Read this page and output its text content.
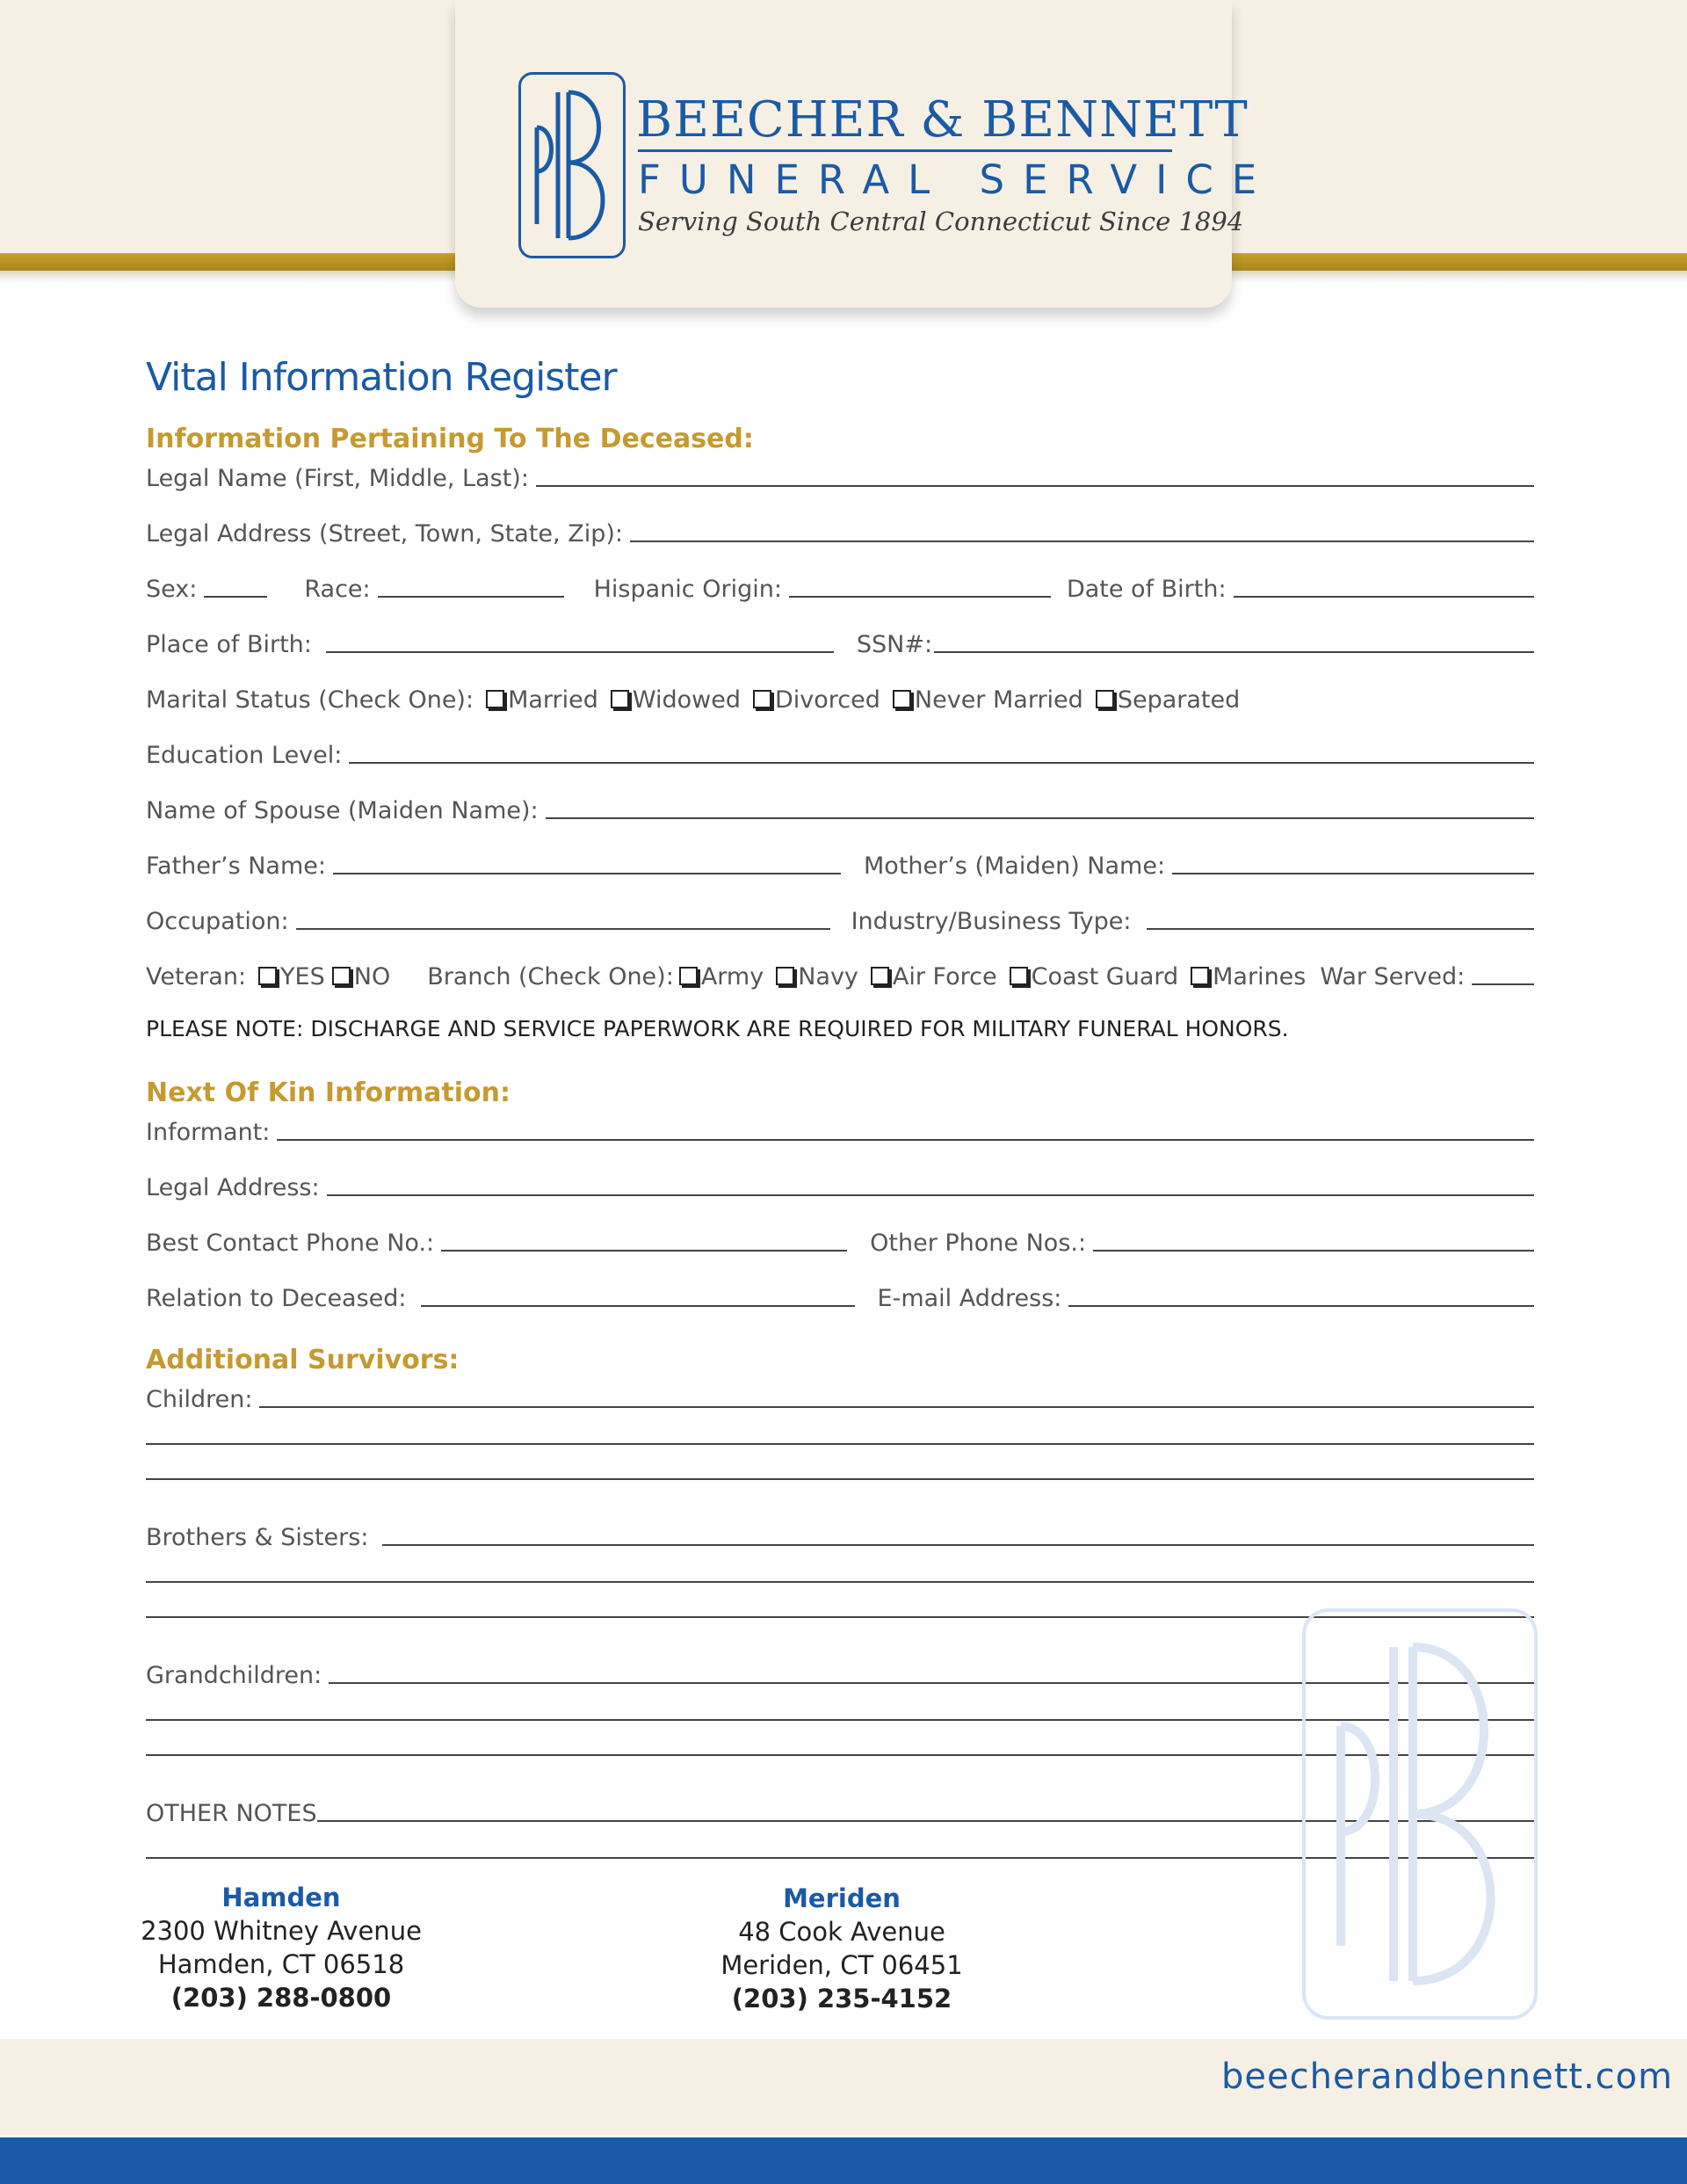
BEECHER & BENNETT
FUNERAL SERVICE
Serving South Central Connecticut Since 1894
Vital Information Register
Information Pertaining To The Deceased:
Legal Name (First, Middle, Last):
Legal Address (Street, Town, State, Zip):
Sex:	Race:	Hispanic Origin:	Date of Birth:
Place of Birth:	SSN#:
Marital Status (Check One): Married Widowed Divorced Never Married Separated
Education Level:
Name of Spouse (Maiden Name):
Father’s Name:	Mother’s (Maiden) Name:
Occupation:	Industry/Business Type:
Veteran: YES NO Branch (Check One): Army Navy Air Force Coast Guard Marines War Served:
PLEASE NOTE: DISCHARGE AND SERVICE PAPERWORK ARE REQUIRED FOR MILITARY FUNERAL HONORS.
Next Of Kin Information:
Informant:
Legal Address:
Best Contact Phone No.:	Other Phone Nos.:
Relation to Deceased:	E-mail Address:
Additional Survivors:
Children:
Brothers & Sisters:
Grandchildren:
OTHER NOTES
Hamden
2300 Whitney Avenue
Hamden, CT 06518
(203) 288-0800
Meriden
48 Cook Avenue
Meriden, CT 06451
(203) 235-4152
beecherandbennett.com
